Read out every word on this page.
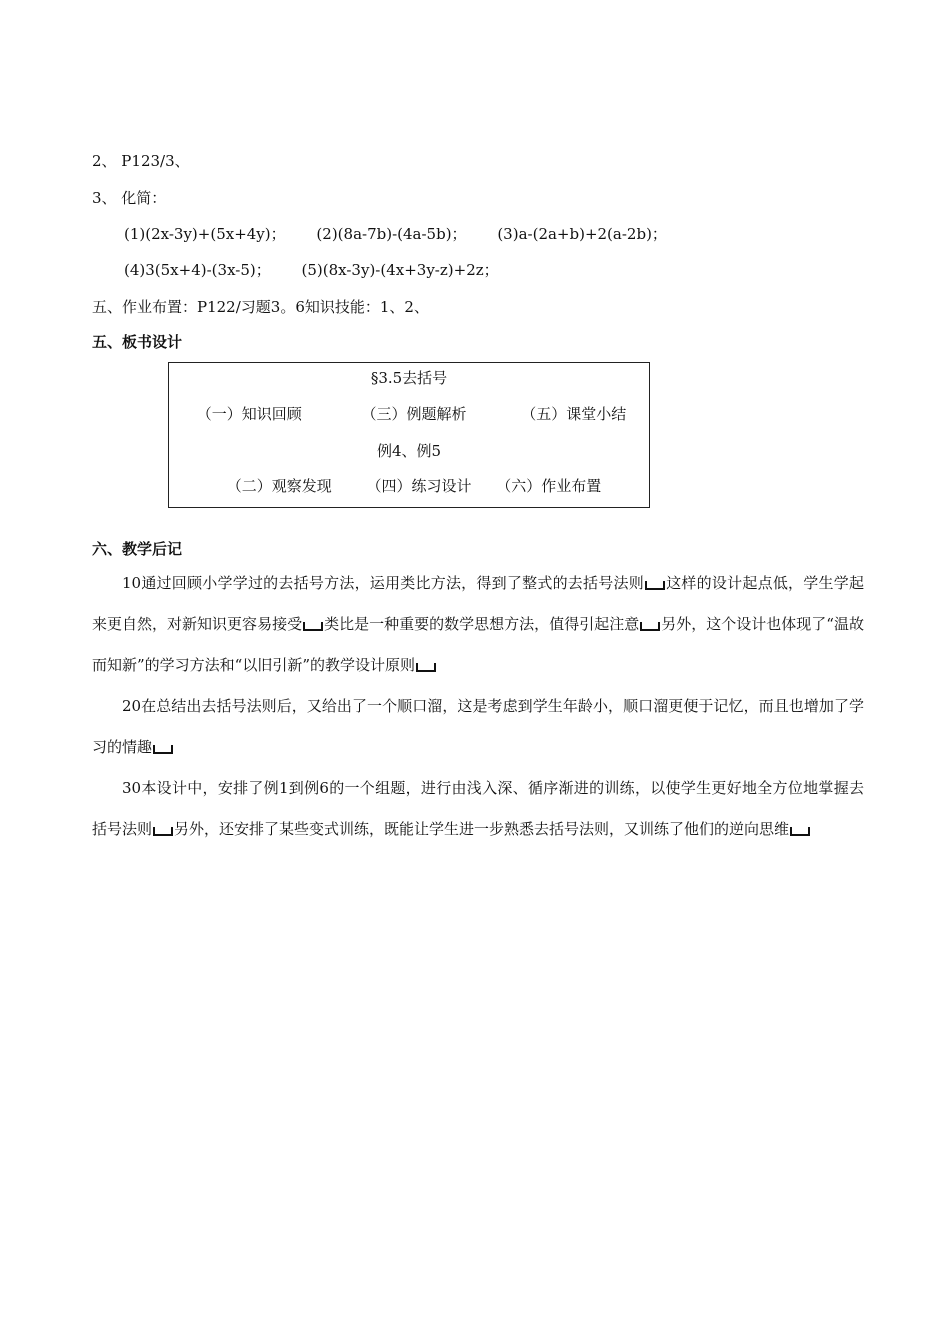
2、 P123/3、
3、 化简：
(1)(2x-3y)+(5x+4y)； (2)(8a-7b)-(4a-5b)； (3)a-(2a+b)+2(a-2b)；
(4)3(5x+4)-(3x-5)； (5)(8x-3y)-(4x+3y-z)+2z；
五、作业布置：P122/习题3。6知识技能：1、2、
五、板书设计
§3.5去括号
（一）知识回顾	（三）例题解析	（五）课堂小结
例4、例5
（二）观察发现 （四）练习设计 （六）作业布置
六、教学后记
10通过回顾小学学过的去括号方法，运用类比方法，得到了整式的去括号法则 这样的设计起点低，学生学起来更自然，对新知识更容易接受 类比是一种重要的数学思想方法，值得引起注意 另外，这个设计也体现了“温故而知新”的学习方法和“以旧引新”的教学设计原则
20在总结出去括号法则后，又给出了一个顺口溜，这是考虑到学生年龄小，顺口溜更便于记忆，而且也增加了学习的情趣
30本设计中，安排了例1到例6的一个组题，进行由浅入深、循序渐进的训练，以使学生更好地全方位地掌握去括号法则 另外，还安排了某些变式训练，既能让学生进一步熟悉去括号法则，又训练了他们的逆向思维
